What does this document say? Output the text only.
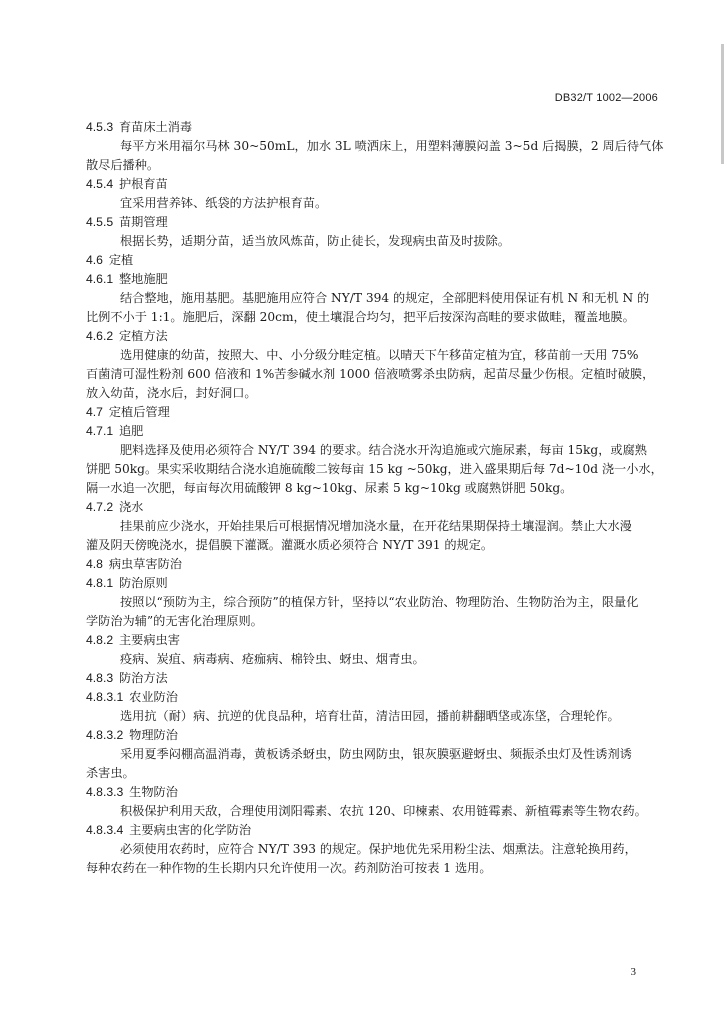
DB32/T 1002—2006
4.5.3 育苗床土消毒
每平方米用福尔马林 30~50mL，加水 3L 喷洒床上，用塑料薄膜闷盖 3~5d 后揭膜，2 周后待气体
散尽后播种。
4.5.4 护根育苗
宜采用营养钵、纸袋的方法护根育苗。
4.5.5 苗期管理
根据长势，适期分苗，适当放风炼苗，防止徒长，发现病虫苗及时拔除。
4.6 定植
4.6.1 整地施肥
结合整地，施用基肥。基肥施用应符合 NY/T 394 的规定，全部肥料使用保证有机 N 和无机 N 的
比例不小于 1:1。施肥后，深翻 20cm，使土壤混合均匀，把平后按深沟高畦的要求做畦，覆盖地膜。
4.6.2 定植方法
选用健康的幼苗，按照大、中、小分级分畦定植。以晴天下午移苗定植为宜，移苗前一天用 75%
百菌清可湿性粉剂 600 倍液和 1%苦参碱水剂 1000 倍液喷雾杀虫防病，起苗尽量少伤根。定植时破膜，
放入幼苗，浇水后，封好洞口。
4.7 定植后管理
4.7.1 追肥
肥料选择及使用必须符合 NY/T 394 的要求。结合浇水开沟追施或穴施尿素，每亩 15kg，或腐熟
饼肥 50kg。果实采收期结合浇水追施硫酸二铵每亩 15 kg ~50kg，进入盛果期后每 7d~10d 浇一小水，
隔一水追一次肥，每亩每次用硫酸钾 8 kg~10kg、尿素 5 kg~10kg 或腐熟饼肥 50kg。
4.7.2 浇水
挂果前应少浇水，开始挂果后可根据情况增加浇水量，在开花结果期保持土壤湿润。禁止大水漫
灌及阴天傍晚浇水，提倡膜下灌溉。灌溉水质必须符合 NY/T 391 的规定。
4.8 病虫草害防治
4.8.1 防治原则
按照以“预防为主，综合预防”的植保方针，坚持以“农业防治、物理防治、生物防治为主，限量化
学防治为辅”的无害化治理原则。
4.8.2 主要病虫害
疫病、炭疽、病毒病、疮痂病、棉铃虫、蚜虫、烟青虫。
4.8.3 防治方法
4.8.3.1 农业防治
选用抗（耐）病、抗逆的优良品种，培育壮苗，清洁田园，播前耕翻晒垡或冻垡，合理轮作。
4.8.3.2 物理防治
采用夏季闷棚高温消毒，黄板诱杀蚜虫，防虫网防虫，银灰膜驱避蚜虫、频振杀虫灯及性诱剂诱
杀害虫。
4.8.3.3 生物防治
积极保护利用天敌，合理使用浏阳霉素、农抗 120、印楝素、农用链霉素、新植霉素等生物农药。
4.8.3.4 主要病虫害的化学防治
必须使用农药时，应符合 NY/T 393 的规定。保护地优先采用粉尘法、烟熏法。注意轮换用药，
每种农药在一种作物的生长期内只允许使用一次。药剂防治可按表 1 选用。
3
